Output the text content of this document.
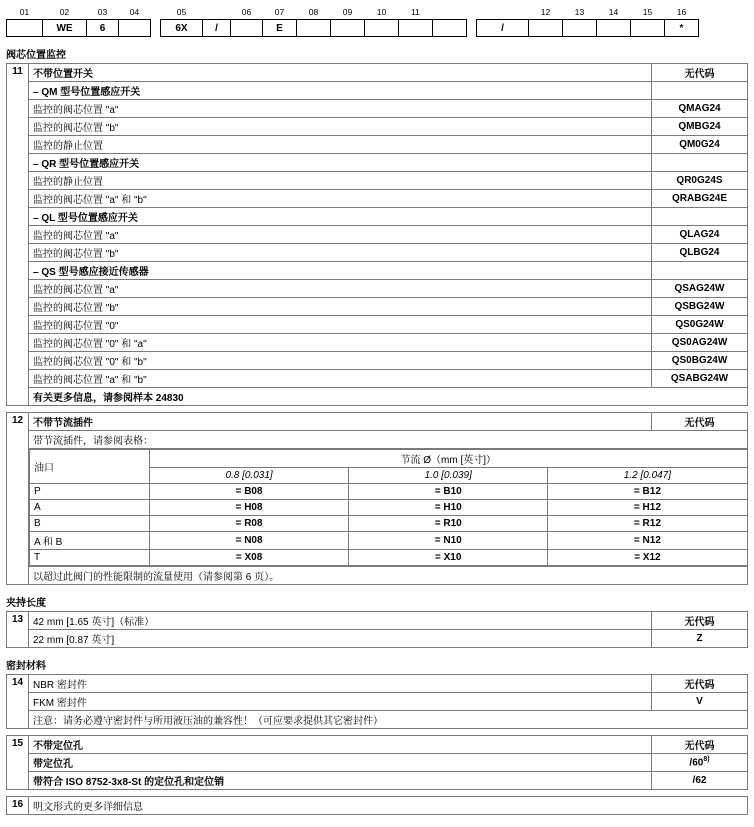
01	02	03	04		05		06	07	08	09	10	11				12	13	14	15	16	
	WE	6			6X	/		E							/					*	
阀芯位置监控
11	不带位置开关	无代码
	– QM 型号位置感应开关	
	监控的阀芯位置 "a"	QMAG24
	监控的阀芯位置 "b"	QMBG24
	监控的静止位置	QM0G24
	– QR 型号位置感应开关	
	监控的静止位置	QR0G24S
	监控的阀芯位置 "a" 和 "b"	QRABG24E
	– QL 型号位置感应开关	
	监控的阀芯位置 "a"	QLAG24
	监控的阀芯位置 "b"	QLBG24
	– QS 型号感应接近传感器	
	监控的阀芯位置 "a"	QSAG24W
	监控的阀芯位置 "b"	QSBG24W
	监控的阀芯位置 "0"	QS0G24W
	监控的阀芯位置 "0" 和 "a"	QS0AG24W
	监控的阀芯位置 "0" 和 "b"	QS0BG24W
	监控的阀芯位置 "a" 和 "b"	QSABG24W
	有关更多信息，请参阅样本 24830	
12	不带节流插件	无代码
带节流插件，请参阅表格：

油口	节流 Ø（mm [英寸]）
0.8 [0.031]	1.0 [0.039]	1.2 [0.047]
P	= B08	= B10	= B12
A	= H08	= H10	= H12
B	= R08	= R10	= R12
A 和 B	= N08	= N10	= N12
T	= X08	= X10	= X12

以超过此阀门的性能限制的流量使用（请参阅第 6 页）。
夹持长度
13	42 mm [1.65 英寸]（标准）	无代码
	22 mm [0.87 英寸]	Z
密封材料
14	NBR 密封件	无代码
	FKM 密封件	V
	注意：请务必遵守密封件与所用液压油的兼容性！（可应要求提供其它密封件）	
15	不带定位孔	无代码
	带定位孔	/60$^{8)}$
	带符合 ISO 8752-3x8-St 的定位孔和定位销	/62
16	明文形式的更多详细信息
